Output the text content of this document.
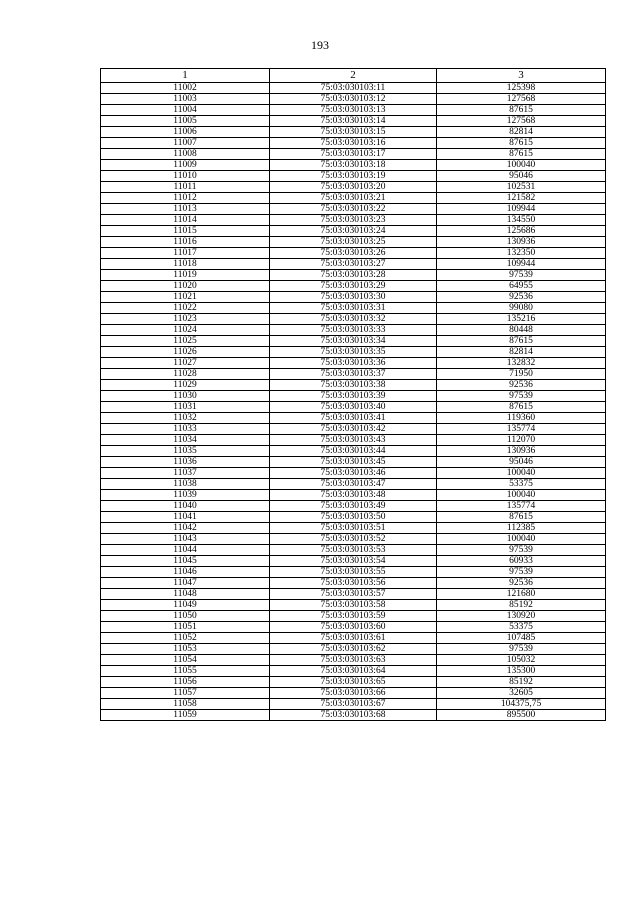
193
1	2	3
11002	75:03:030103:11	125398
11003	75:03:030103:12	127568
11004	75:03:030103:13	87615
11005	75:03:030103:14	127568
11006	75:03:030103:15	82814
11007	75:03:030103:16	87615
11008	75:03:030103:17	87615
11009	75:03:030103:18	100040
11010	75:03:030103:19	95046
11011	75:03:030103:20	102531
11012	75:03:030103:21	121582
11013	75:03:030103:22	109944
11014	75:03:030103:23	134550
11015	75:03:030103:24	125686
11016	75:03:030103:25	130936
11017	75:03:030103:26	132350
11018	75:03:030103:27	109944
11019	75:03:030103:28	97539
11020	75:03:030103:29	64955
11021	75:03:030103:30	92536
11022	75:03:030103:31	99080
11023	75:03:030103:32	135216
11024	75:03:030103:33	80448
11025	75:03:030103:34	87615
11026	75:03:030103:35	82814
11027	75:03:030103:36	132832
11028	75:03:030103:37	71950
11029	75:03:030103:38	92536
11030	75:03:030103:39	97539
11031	75:03:030103:40	87615
11032	75:03:030103:41	119360
11033	75:03:030103:42	135774
11034	75:03:030103:43	112070
11035	75:03:030103:44	130936
11036	75:03:030103:45	95046
11037	75:03:030103:46	100040
11038	75:03:030103:47	53375
11039	75:03:030103:48	100040
11040	75:03:030103:49	135774
11041	75:03:030103:50	87615
11042	75:03:030103:51	112385
11043	75:03:030103:52	100040
11044	75:03:030103:53	97539
11045	75:03:030103:54	60933
11046	75:03:030103:55	97539
11047	75:03:030103:56	92536
11048	75:03:030103:57	121680
11049	75:03:030103:58	85192
11050	75:03:030103:59	130920
11051	75:03:030103:60	53375
11052	75:03:030103:61	107485
11053	75:03:030103:62	97539
11054	75:03:030103:63	105032
11055	75:03:030103:64	135300
11056	75:03:030103:65	85192
11057	75:03:030103:66	32605
11058	75:03:030103:67	104375,75
11059	75:03:030103:68	895500
